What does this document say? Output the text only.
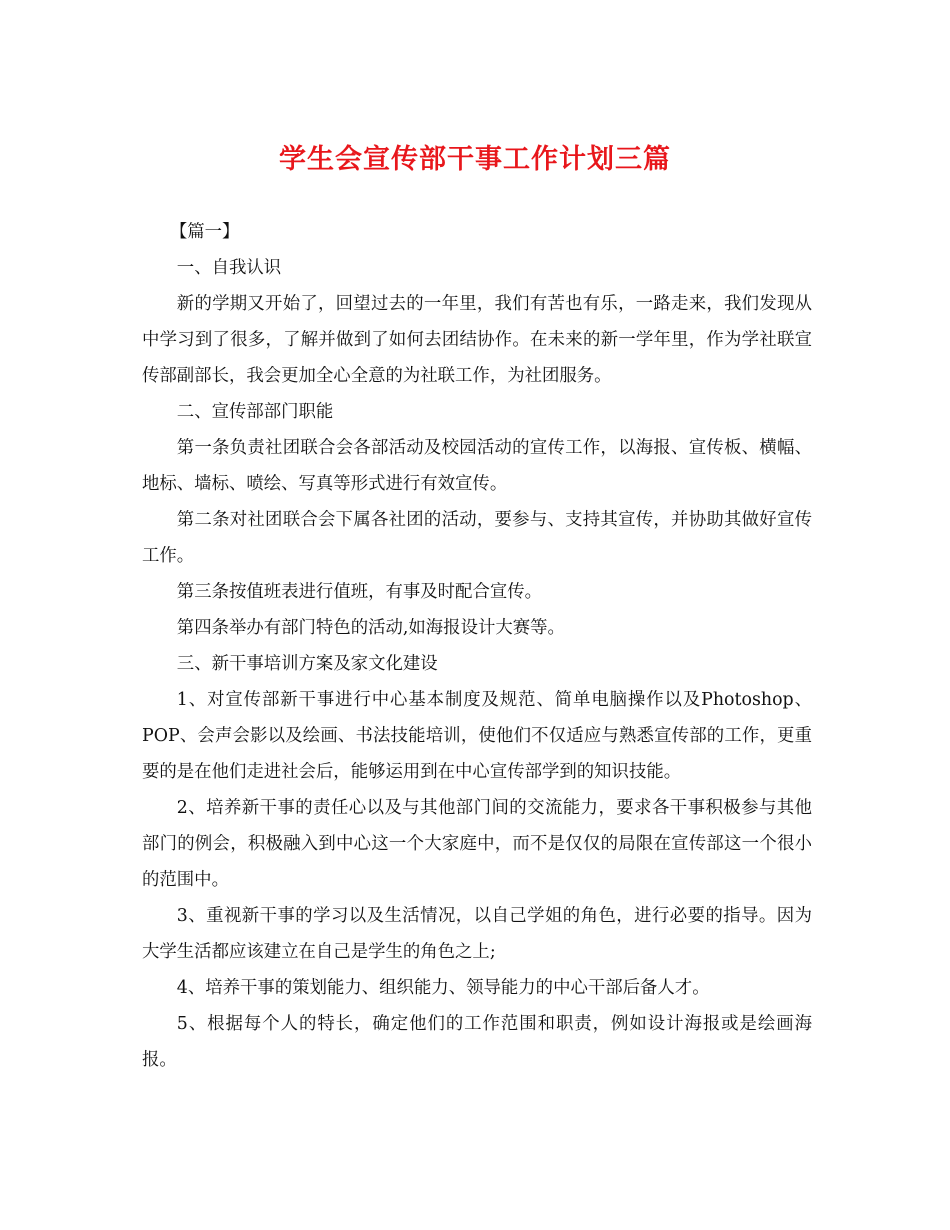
学生会宣传部干事工作计划三篇

【篇一】

一、自我认识

新的学期又开始了，回望过去的一年里，我们有苦也有乐，一路走来，我们发现从中学习到了很多，了解并做到了如何去团结协作。在未来的新一学年里，作为学社联宣传部副部长，我会更加全心全意的为社联工作，为社团服务。

二、宣传部部门职能

第一条负责社团联合会各部活动及校园活动的宣传工作，以海报、宣传板、横幅、地标、墙标、喷绘、写真等形式进行有效宣传。

第二条对社团联合会下属各社团的活动，要参与、支持其宣传，并协助其做好宣传工作。

第三条按值班表进行值班，有事及时配合宣传。

第四条举办有部门特色的活动,如海报设计大赛等。

三、新干事培训方案及家文化建设

1、对宣传部新干事进行中心基本制度及规范、简单电脑操作以及Photoshop、POP、会声会影以及绘画、书法技能培训，使他们不仅适应与熟悉宣传部的工作，更重要的是在他们走进社会后，能够运用到在中心宣传部学到的知识技能。

2、培养新干事的责任心以及与其他部门间的交流能力，要求各干事积极参与其他部门的例会，积极融入到中心这一个大家庭中，而不是仅仅的局限在宣传部这一个很小的范围中。

3、重视新干事的学习以及生活情况，以自己学姐的角色，进行必要的指导。因为大学生活都应该建立在自己是学生的角色之上;

4、培养干事的策划能力、组织能力、领导能力的中心干部后备人才。

5、根据每个人的特长，确定他们的工作范围和职责，例如设计海报或是绘画海报。
